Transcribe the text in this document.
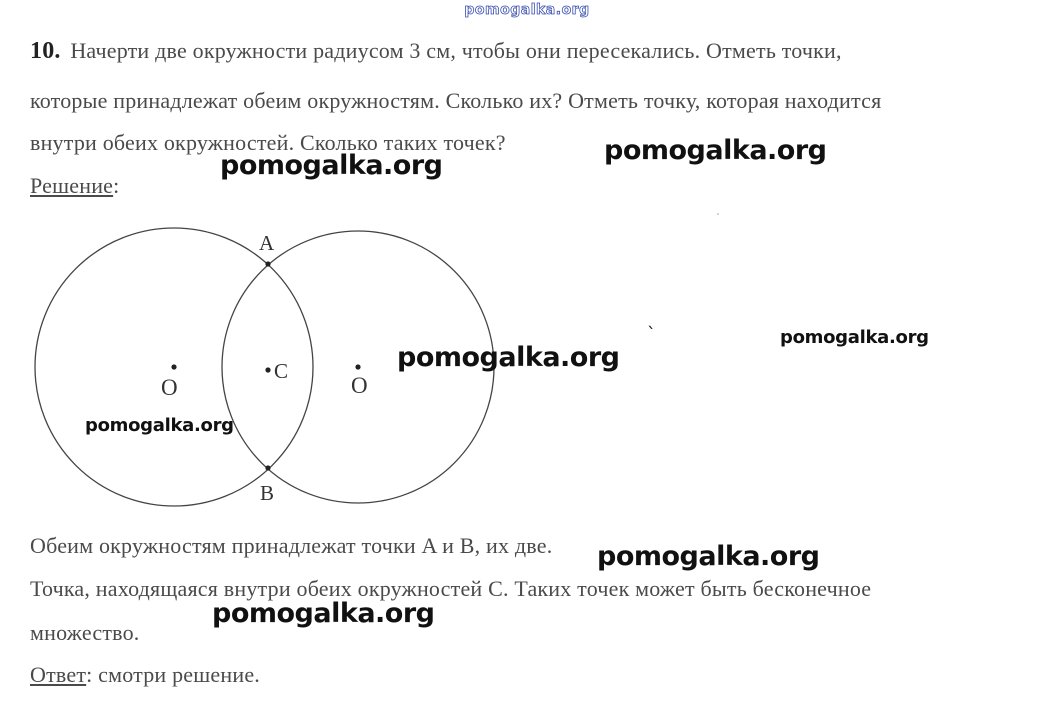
pomogalka.org
10. Начерти две окружности радиусом 3 см, чтобы они пересекались. Отметь точки,
которые принадлежат обеим окружностям. Сколько их? Отметь точку, которая находится
внутри обеих окружностей. Сколько таких точек?
Решение:
A
B
C
O	O
Обеим окружностям принадлежат точки A и B, их две.
Точка, находящаяся внутри обеих окружностей C. Таких точек может быть бесконечное
множество.
Ответ: смотри решение.
`
pomogalka.org	pomogalka.org
pomogalka.org
pomogalka.org
pomogalka.org
pomogalka.org
pomogalka.org
